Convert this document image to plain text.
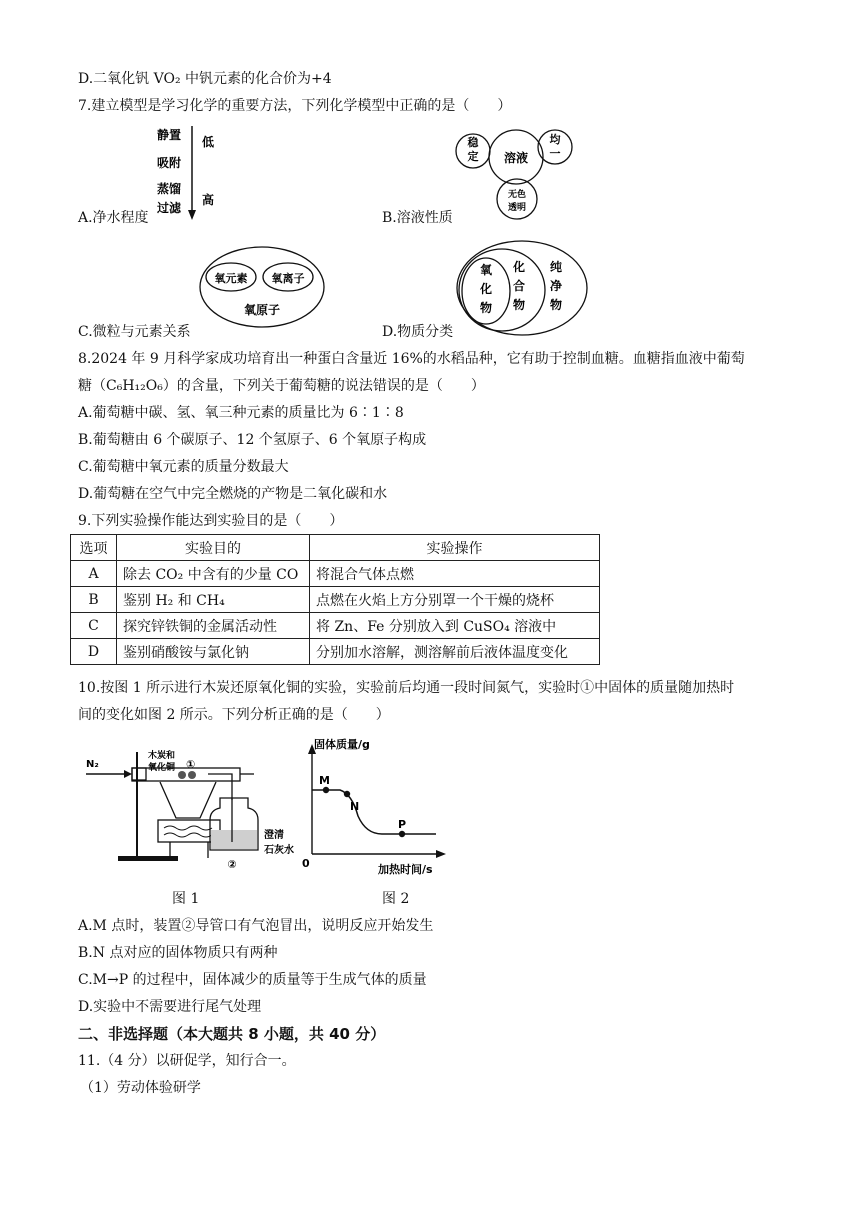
D.二氧化钒 VO₂ 中钒元素的化合价为+4
7.建立模型是学习化学的重要方法，下列化学模型中正确的是（　　）
静置
吸附
蒸馏
过滤
低
高
A.净水程度
溶液
稳
定
均
一
无色
透明
B.溶液性质
氧元素 氧离子
氧原子
C.微粒与元素关系
氧
化
物
化
合
物
纯
净
物
D.物质分类
8.2024 年 9 月科学家成功培育出一种蛋白含量近 16%的水稻品种，它有助于控制血糖。血糖指血液中葡萄
糖（C₆H₁₂O₆）的含量，下列关于葡萄糖的说法错误的是（　　）
A.葡萄糖中碳、氢、氧三种元素的质量比为 6∶1∶8
B.葡萄糖由 6 个碳原子、12 个氢原子、6 个氧原子构成
C.葡萄糖中氧元素的质量分数最大
D.葡萄糖在空气中完全燃烧的产物是二氧化碳和水
9.下列实验操作能达到实验目的是（　　）
选项	实验目的	实验操作
A	除去 CO₂ 中含有的少量 CO	将混合气体点燃
B	鉴别 H₂ 和 CH₄	点燃在火焰上方分别罩一个干燥的烧杯
C	探究锌铁铜的金属活动性	将 Zn、Fe 分别放入到 CuSO₄ 溶液中
D	鉴别硝酸铵与氯化钠	分别加水溶解，测溶解前后液体温度变化
10.按图 1 所示进行木炭还原氧化铜的实验，实验前后均通一段时间氮气，实验时①中固体的质量随加热时
间的变化如图 2 所示。下列分析正确的是（　　）
N₂
木炭和
氧化铜 ①
②
澄清
石灰水
固体质量/g
0	加热时间/s
M
N
P
图 1	图 2
A.M 点时，装置②导管口有气泡冒出，说明反应开始发生
B.N 点对应的固体物质只有两种
C.M→P 的过程中，固体减少的质量等于生成气体的质量
D.实验中不需要进行尾气处理
二、非选择题（本大题共 8 小题，共 40 分）
11.（4 分）以研促学，知行合一。
（1）劳动体验研学
